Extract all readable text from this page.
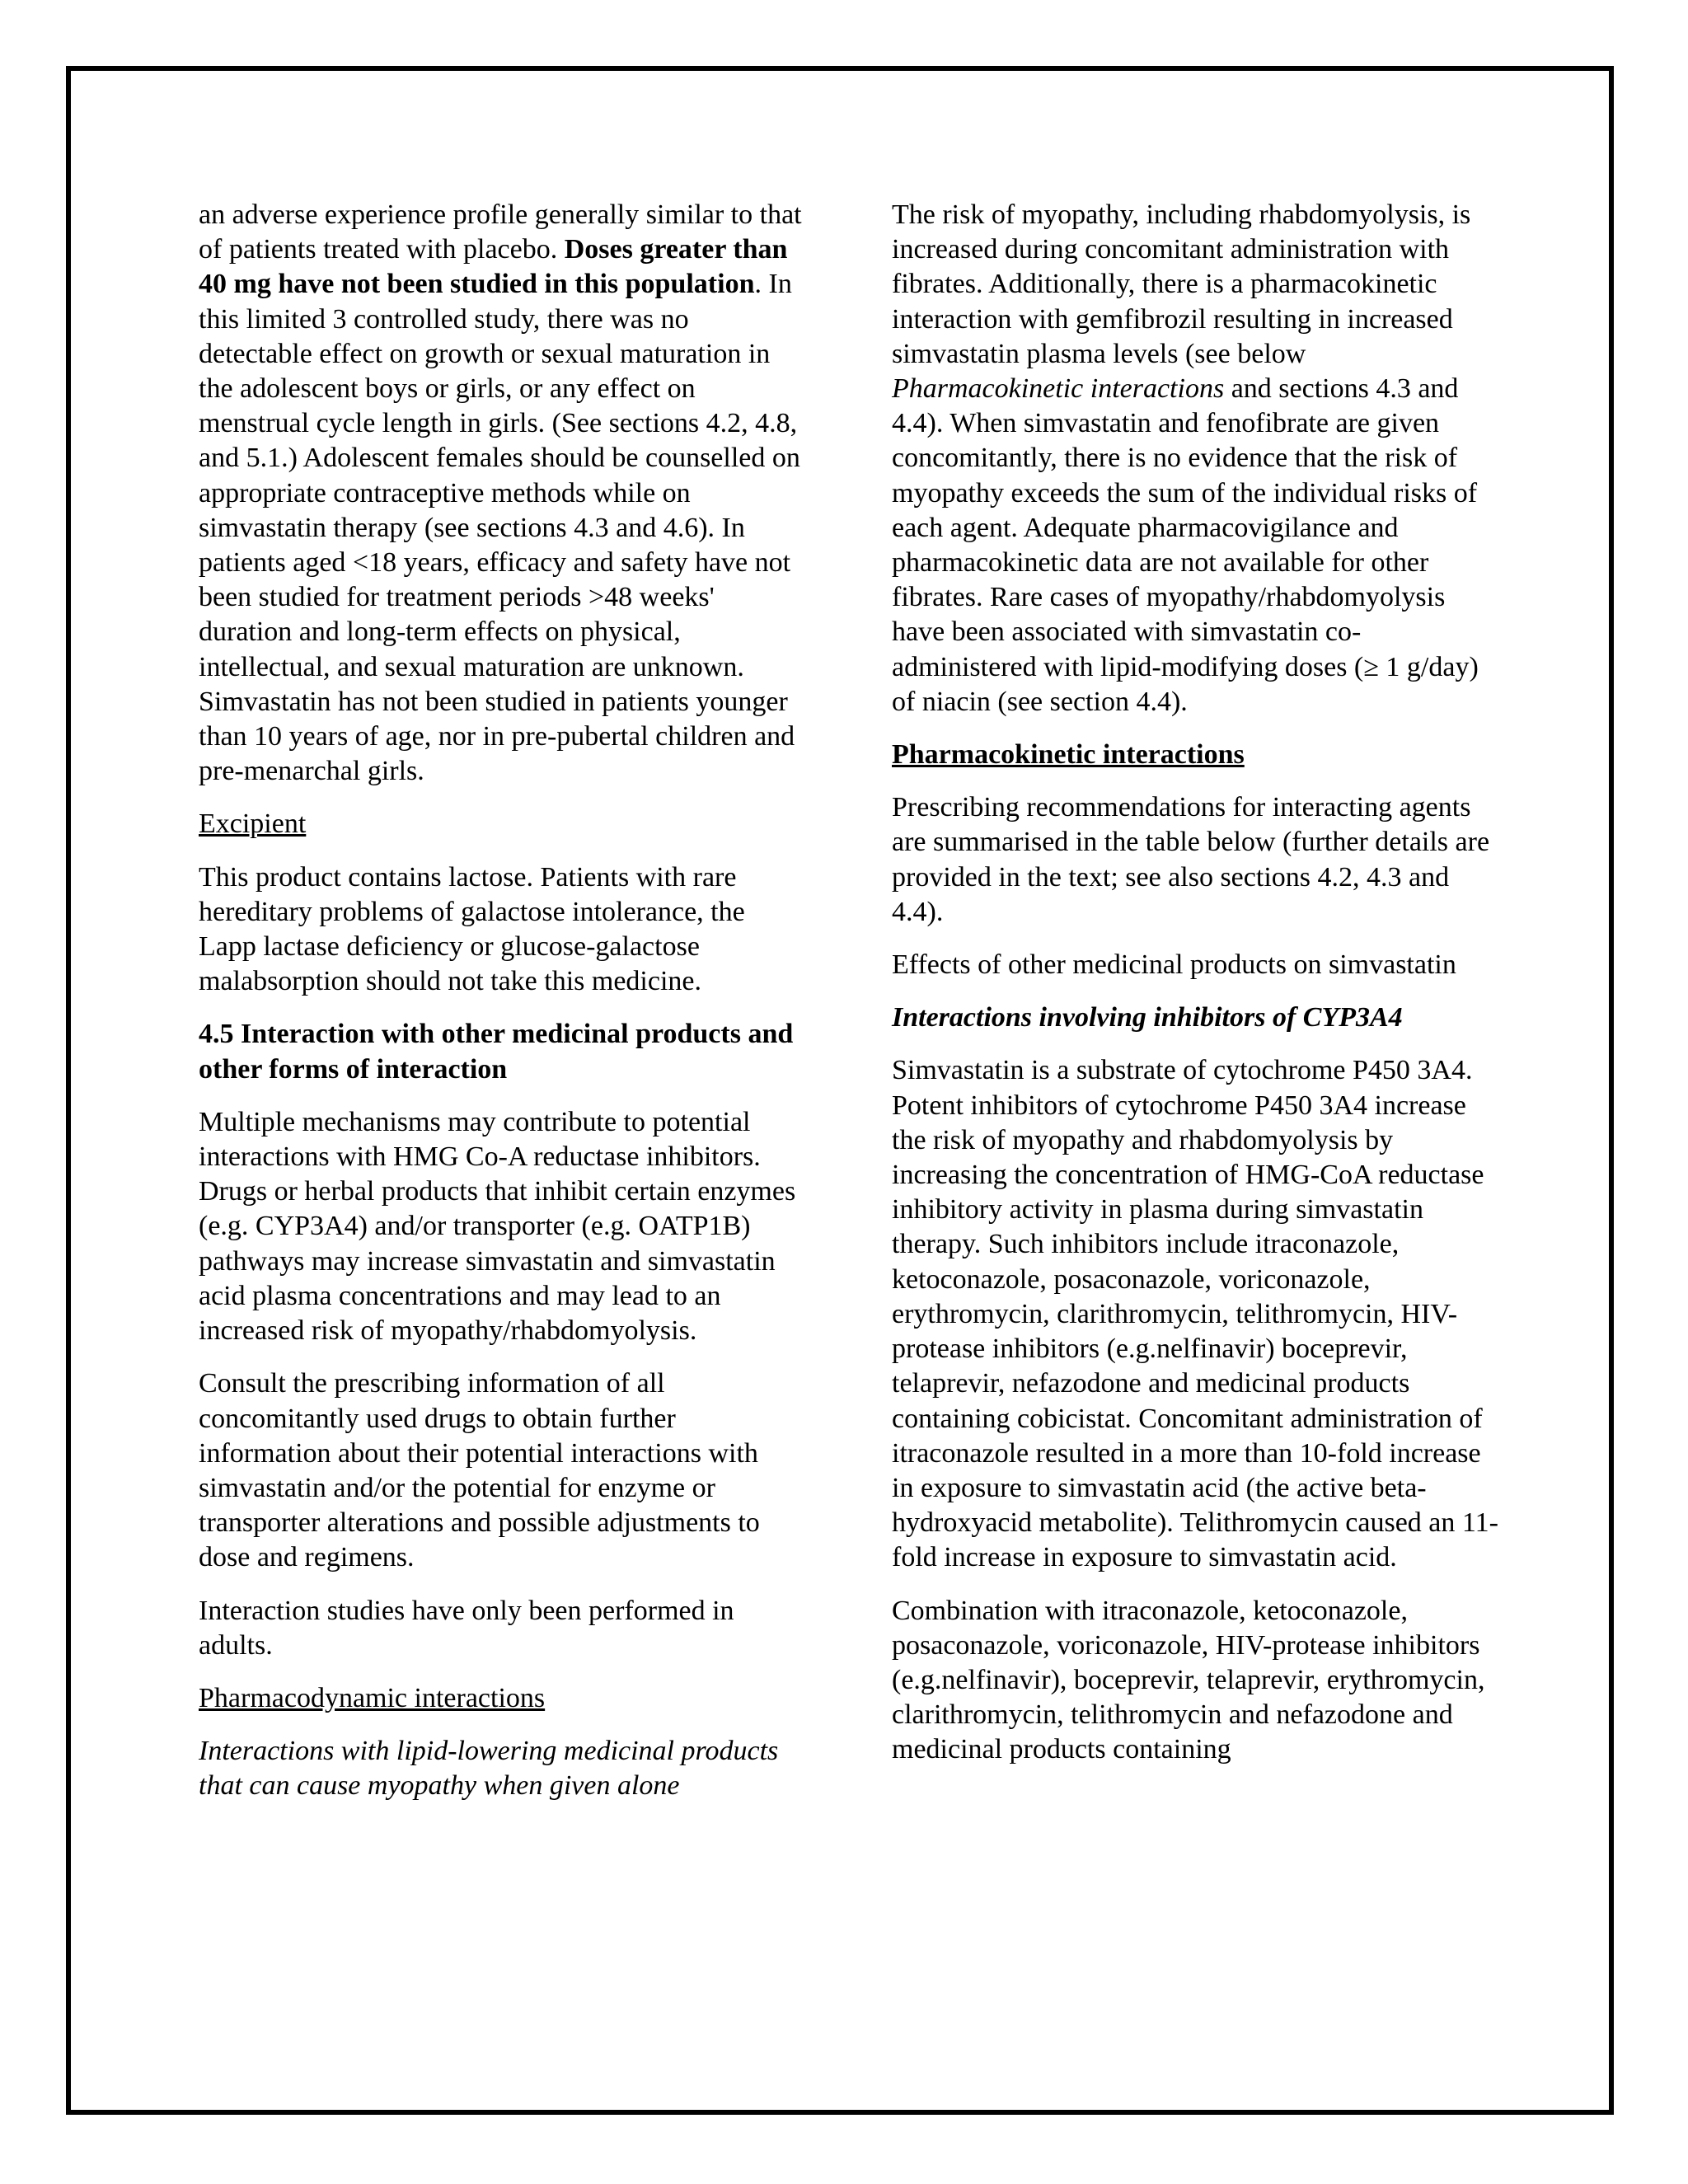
an adverse experience profile generally similar to that of patients treated with placebo. Doses greater than 40 mg have not been studied in this population. In this limited 3 controlled study, there was no detectable effect on growth or sexual maturation in the adolescent boys or girls, or any effect on menstrual cycle length in girls. (See sections 4.2, 4.8, and 5.1.) Adolescent females should be counselled on appropriate contraceptive methods while on simvastatin therapy (see sections 4.3 and 4.6). In patients aged <18 years, efficacy and safety have not been studied for treatment periods >48 weeks' duration and long-term effects on physical, intellectual, and sexual maturation are unknown. Simvastatin has not been studied in patients younger than 10 years of age, nor in pre-pubertal children and pre-menarchal girls.

Excipient

This product contains lactose. Patients with rare hereditary problems of galactose intolerance, the Lapp lactase deficiency or glucose-galactose malabsorption should not take this medicine.

4.5 Interaction with other medicinal products and other forms of interaction

Multiple mechanisms may contribute to potential interactions with HMG Co-A reductase inhibitors. Drugs or herbal products that inhibit certain enzymes (e.g. CYP3A4) and/or transporter (e.g. OATP1B) pathways may increase simvastatin and simvastatin acid plasma concentrations and may lead to an increased risk of myopathy/rhabdomyolysis.

Consult the prescribing information of all concomitantly used drugs to obtain further information about their potential interactions with simvastatin and/or the potential for enzyme or transporter alterations and possible adjustments to dose and regimens.

Interaction studies have only been performed in adults.

Pharmacodynamic interactions

Interactions with lipid-lowering medicinal products that can cause myopathy when given alone

The risk of myopathy, including rhabdomyolysis, is increased during concomitant administration with fibrates. Additionally, there is a pharmacokinetic interaction with gemfibrozil resulting in increased simvastatin plasma levels (see below Pharmacokinetic interactions and sections 4.3 and 4.4). When simvastatin and fenofibrate are given concomitantly, there is no evidence that the risk of myopathy exceeds the sum of the individual risks of each agent. Adequate pharmacovigilance and pharmacokinetic data are not available for other fibrates. Rare cases of myopathy/rhabdomyolysis have been associated with simvastatin co-administered with lipid-modifying doses (≥ 1 g/day) of niacin (see section 4.4).

Pharmacokinetic interactions

Prescribing recommendations for interacting agents are summarised in the table below (further details are provided in the text; see also sections 4.2, 4.3 and 4.4).

Effects of other medicinal products on simvastatin

Interactions involving inhibitors of CYP3A4

Simvastatin is a substrate of cytochrome P450 3A4. Potent inhibitors of cytochrome P450 3A4 increase the risk of myopathy and rhabdomyolysis by increasing the concentration of HMG-CoA reductase inhibitory activity in plasma during simvastatin therapy. Such inhibitors include itraconazole, ketoconazole, posaconazole, voriconazole, erythromycin, clarithromycin, telithromycin, HIV-protease inhibitors (e.g.nelfinavir) boceprevir, telaprevir, nefazodone and medicinal products containing cobicistat. Concomitant administration of itraconazole resulted in a more than 10-fold increase in exposure to simvastatin acid (the active beta-hydroxyacid metabolite). Telithromycin caused an 11-fold increase in exposure to simvastatin acid.

Combination with itraconazole, ketoconazole, posaconazole, voriconazole, HIV-protease inhibitors (e.g.nelfinavir), boceprevir, telaprevir, erythromycin, clarithromycin, telithromycin and nefazodone and medicinal products containing
